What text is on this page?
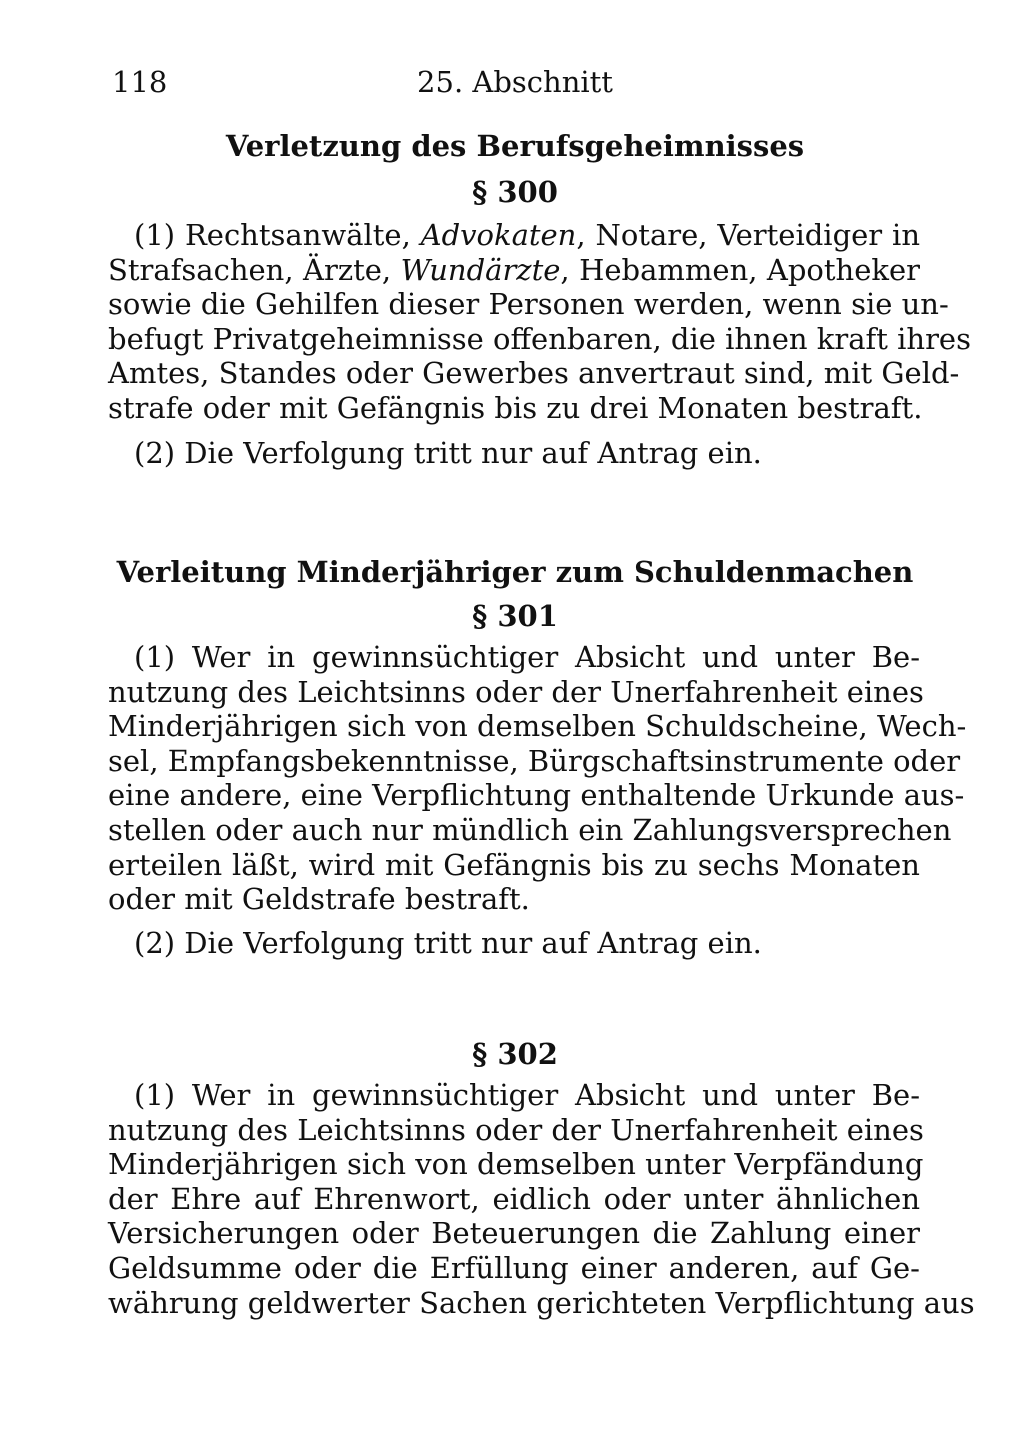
118	25. Abschnitt
Verletzung des Berufsgeheimnisses
§ 300
(1) Rechtsanwälte, Advokaten, Notare, Verteidiger in
Strafsachen, Ärzte, Wundärzte, Hebammen, Apotheker
sowie die Gehilfen dieser Personen werden, wenn sie un-
befugt Privatgeheimnisse offenbaren, die ihnen kraft ihres
Amtes, Standes oder Gewerbes anvertraut sind, mit Geld-
strafe oder mit Gefängnis bis zu drei Monaten bestraft.
(2) Die Verfolgung tritt nur auf Antrag ein.
Verleitung Minderjähriger zum Schuldenmachen
§ 301
(1) Wer in gewinnsüchtiger Absicht und unter Be-
nutzung des Leichtsinns oder der Unerfahrenheit eines
Minderjährigen sich von demselben Schuldscheine, Wech-
sel, Empfangsbekenntnisse, Bürgschaftsinstrumente oder
eine andere, eine Verpflichtung enthaltende Urkunde aus-
stellen oder auch nur mündlich ein Zahlungsversprechen
erteilen läßt, wird mit Gefängnis bis zu sechs Monaten
oder mit Geldstrafe bestraft.
(2) Die Verfolgung tritt nur auf Antrag ein.
§ 302
(1) Wer in gewinnsüchtiger Absicht und unter Be-
nutzung des Leichtsinns oder der Unerfahrenheit eines
Minderjährigen sich von demselben unter Verpfändung
der Ehre auf Ehrenwort, eidlich oder unter ähnlichen
Versicherungen oder Beteuerungen die Zahlung einer
Geldsumme oder die Erfüllung einer anderen, auf Ge-
währung geldwerter Sachen gerichteten Verpflichtung aus
